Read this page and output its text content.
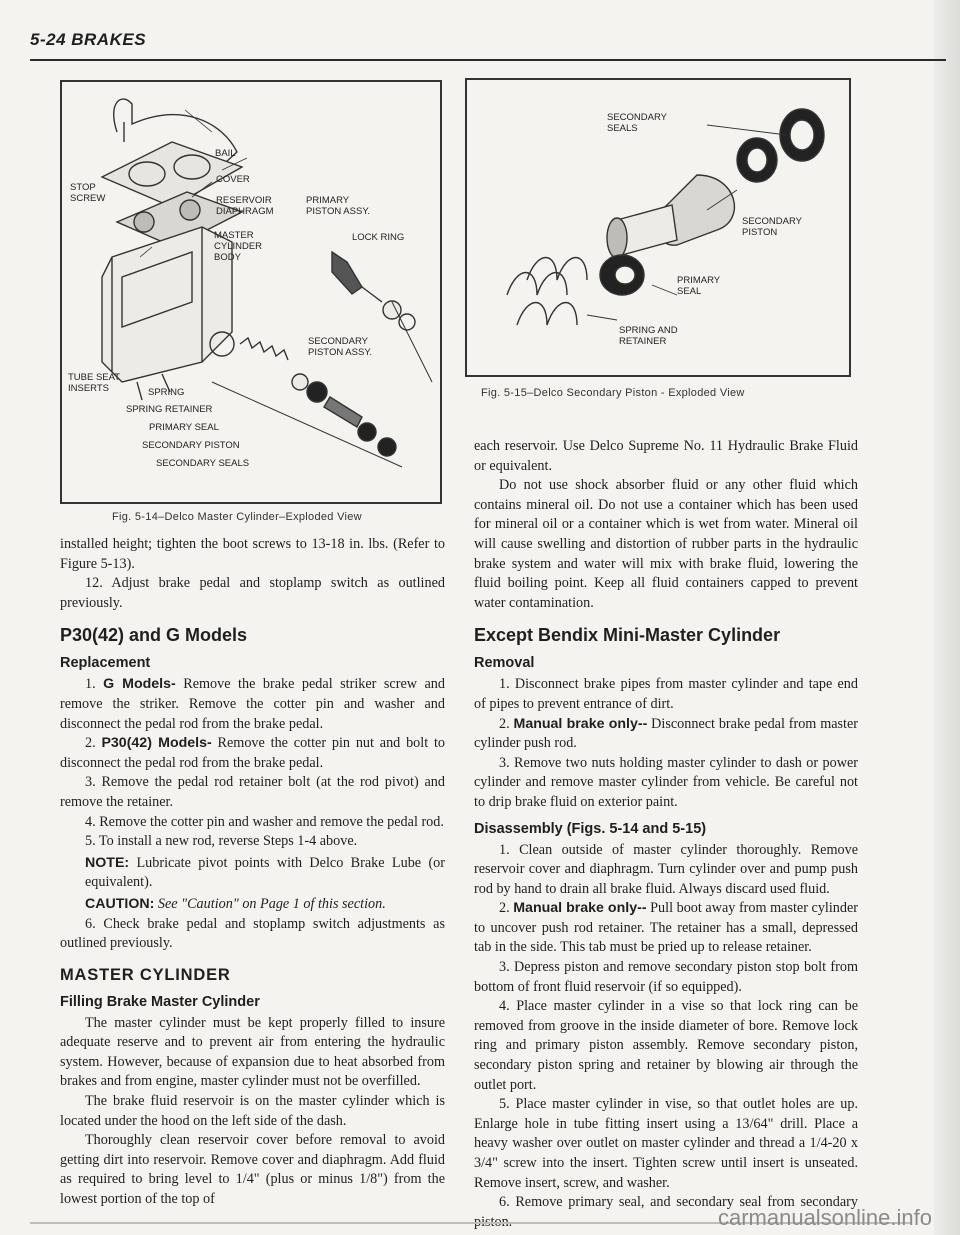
5-24 BRAKES
BAIL
COVER
STOP
SCREW	RESERVOIR
DIAPHRAGM
PRIMARY
PISTON ASSY.
MASTER
CYLINDER
BODY
LOCK RING
SECONDARY
PISTON ASSY.
TUBE SEAT
INSERTS	SPRING
SPRING RETAINER
PRIMARY SEAL
SECONDARY PISTON
SECONDARY SEALS
Fig. 5-14–Delco Master Cylinder–Exploded View
SECONDARY
SEALS
SECONDARY
PISTON
PRIMARY
SEAL
SPRING AND
RETAINER
Fig. 5-15–Delco Secondary Piston - Exploded View

installed height; tighten the boot screws to 13-18 in. lbs. (Refer to Figure 5-13).

12. Adjust brake pedal and stoplamp switch as outlined previously.

P30(42) and G Models
Replacement

1. G Models- Remove the brake pedal striker screw and remove the striker. Remove the cotter pin and washer and disconnect the pedal rod from the brake pedal.

2. P30(42) Models- Remove the cotter pin nut and bolt to disconnect the pedal rod from the brake pedal.

3. Remove the pedal rod retainer bolt (at the rod pivot) and remove the retainer.

4. Remove the cotter pin and washer and remove the pedal rod.

5. To install a new rod, reverse Steps 1-4 above.

NOTE: Lubricate pivot points with Delco Brake Lube (or equivalent).

CAUTION: See "Caution" on Page 1 of this section.

6. Check brake pedal and stoplamp switch adjustments as outlined previously.

MASTER CYLINDER
Filling Brake Master Cylinder

The master cylinder must be kept properly filled to insure adequate reserve and to prevent air from entering the hydraulic system. However, because of expansion due to heat absorbed from brakes and from engine, master cylinder must not be overfilled.

The brake fluid reservoir is on the master cylinder which is located under the hood on the left side of the dash.

Thoroughly clean reservoir cover before removal to avoid getting dirt into reservoir. Remove cover and diaphragm. Add fluid as required to bring level to 1/4" (plus or minus 1/8") from the lowest portion of the top of

each reservoir. Use Delco Supreme No. 11 Hydraulic Brake Fluid or equivalent.

Do not use shock absorber fluid or any other fluid which contains mineral oil. Do not use a container which has been used for mineral oil or a container which is wet from water. Mineral oil will cause swelling and distortion of rubber parts in the hydraulic brake system and water will mix with brake fluid, lowering the fluid boiling point. Keep all fluid containers capped to prevent water contamination.

Except Bendix Mini-Master Cylinder
Removal

1. Disconnect brake pipes from master cylinder and tape end of pipes to prevent entrance of dirt.

2. Manual brake only-- Disconnect brake pedal from master cylinder push rod.

3. Remove two nuts holding master cylinder to dash or power cylinder and remove master cylinder from vehicle. Be careful not to drip brake fluid on exterior paint.

Disassembly (Figs. 5-14 and 5-15)

1. Clean outside of master cylinder thoroughly. Remove reservoir cover and diaphragm. Turn cylinder over and pump push rod by hand to drain all brake fluid. Always discard used fluid.

2. Manual brake only-- Pull boot away from master cylinder to uncover push rod retainer. The retainer has a small, depressed tab in the side. This tab must be pried up to release retainer.

3. Depress piston and remove secondary piston stop bolt from bottom of front fluid reservoir (if so equipped).

4. Place master cylinder in a vise so that lock ring can be removed from groove in the inside diameter of bore. Remove lock ring and primary piston assembly. Remove secondary piston, secondary piston spring and retainer by blowing air through the outlet port.

5. Place master cylinder in vise, so that outlet holes are up. Enlarge hole in tube fitting insert using a 13/64" drill. Place a heavy washer over outlet on master cylinder and thread a 1/4-20 x 3/4" screw into the insert. Tighten screw until insert is unseated. Remove insert, screw, and washer.

6. Remove primary seal, and secondary seal from secondary

carmanualsonline.info
